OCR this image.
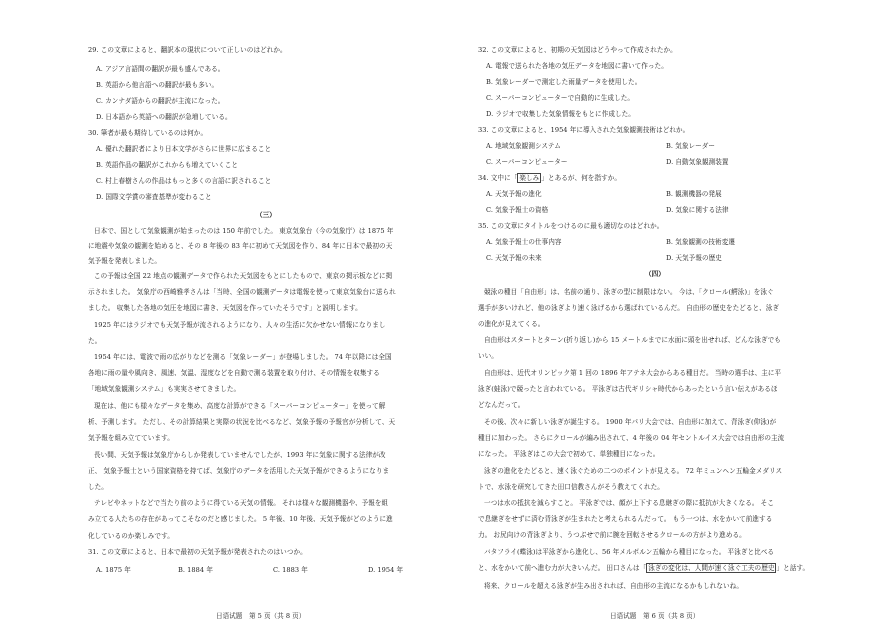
29. この文章によると、翻訳本の現状について正しいのはどれか。
A. アジア言語間の翻訳が最も盛んである。
B. 英語から他言語への翻訳が最も多い。
C. カンナダ語からの翻訳が主流になった。
D. 日本語から英語への翻訳が急増している。
30. 筆者が最も期待しているのは何か。
A. 優れた翻訳者により日本文学がさらに世界に広まること
B. 英語作品の翻訳がこれからも増えていくこと
C. 村上春樹さんの作品はもっと多くの言語に訳されること
D. 国際文学賞の審査基準が変わること
（三）
日本で、国として気象観測が始まったのは 150 年前でした。 東京気象台（今の気象庁）は 1875 年
に地震や気象の観測を始めると、その 8 年後の 83 年に初めて天気図を作り、84 年に日本で最初の天
気予報を発表しました。
この予報は全国 22 地点の観測データで作られた天気図をもとにしたもので、東京の掲示板などに掲
示されました。 気象庁の西崎雅孝さんは「当時、全国の観測データは電報を使って東京気象台に送られ
ました。 収集した各地の気圧を地図に書き、天気図を作っていたそうです」と説明します。
1925 年にはラジオでも天気予報が流されるようになり、人々の生活に欠かせない情報になりまし
た。
1954 年には、電波で雨の広がりなどを測る「気象レーダー」が登場しました。 74 年以降には全国
各地に雨の量や風向き、風速、気温、湿度などを自動で測る装置を取り付け、その情報を収集する
「地域気象観測システム」も実実させてきました。
現在は、他にも様々なデータを集め、高度な計算ができる「スーパーコンピューター」を使って解
析、予測します。 ただし、その計算結果と実際の状況を比べるなど、気象予報の予報官が分析して、天
気予報を組み立てています。
長い間、天気予報は気象庁からしか発表していませんでしたが、1993 年に気象に関する法律が改
正、 気象予報士という国家資格を持てば、気象庁のデータを活用した天気予報ができるようになりま
した。
テレビやネットなどで当たり前のように得ている天気の情報。 それは様々な観測機器や、予報を組
み立てる人たちの存在があってこそなのだと感じました。 5 年後、10 年後、天気予報がどのように進
化しているのか楽しみです。
31. この文章によると、日本で最初の天気予報が発表されたのはいつか。
A. 1875 年	B. 1884 年	C. 1883 年	D. 1954 年
日语试题　第 5 页（共 8 页）
32. この文章によると、初期の天気図はどうやって作成されたか。
A. 電報で送られた各地の気圧データを地図に書いて作った。
B. 気象レーダーで測定した雨量データを使用した。
C. スーパーコンピューターで自動的に生成した。
D. ラジオで収集した気象情報をもとに作成した。
33. この文章によると、1954 年に導入された気象観測技術はどれか。
A. 地域気象観測システム	B. 気象レーダー
C. スーパーコンピューター	D. 自動気象観測装置
34. 文中に「 楽しみ 」とあるが、何を指すか。
A. 天気予報の進化	B. 観測機器の発展
C. 気象予報士の資格	D. 気象に関する法律
35. この文章にタイトルをつけるのに最も適切なのはどれか。
A. 気象予報士の仕事内容	B. 気象観測の技術変遷
C. 天気予報の未来	D. 天気予報の歴史
（四）
競泳の種目「自由形」は、名前の通り、泳ぎの型に制限はない。 今は、「クロール(鰐泳)」を泳ぐ
選手が多いけれど、他の泳ぎより速く泳げるから選ばれているんだ。 自由形の歴史をたどると、泳ぎ
の進化が見えてくる。
自由形はスタートとターン(折り返し)から 15 メートルまでに水面に頭を出せれば、どんな泳ぎでも
いい。
自由形は、近代オリンピック第 1 回の 1896 年アテネ大会からある種目だ。 当時の選手は、主に平
泳ぎ(蛙泳)で競ったと言われている。 平泳ぎは古代ギリシャ時代からあったという言い伝えがあるほ
どなんだって。
その後、次々に新しい泳ぎが誕生する。 1900 年パリ大会では、自由形に加えて、背泳ぎ(仰泳)が
種目に加わった。 さらにクロールが編み出されて、4 年後の 04 年セントルイス大会では自由形の主流
になった。 平泳ぎはこの大会で初めて、単独種目になった。
泳ぎの進化をたどると、速く泳ぐための二つのポイントが見える。 72 年ミュンヘン五輪金メダリス
トで、水泳を研究してきた田口信教さんがそう教えてくれた。
一つは水の抵抗を減らすこと。 平泳ぎでは、顔が上下する息継ぎの際に抵抗が大きくなる。 そこ
で息継ぎをせずに済む背泳ぎが生まれたと考えられるんだって。 もう一つは、水をかいて前進する
力。 お尻向けの背泳ぎより、うつぶせで前に腕を回転させるクロールの方がより進める。
バタフライ(蝶泳)は平泳ぎから進化し、56 年メルボルン五輪から種目になった。 平泳ぎと比べる
と、水をかいて前へ進む力が大きいんだ。 田口さんは「 泳ぎの変化は、人間が速く泳ぐ工夫の歴史 」と話す。
将来、クロールを超える泳ぎが生み出されれば、自由形の主流になるかもしれないね。
日语试题　第 6 页（共 8 页）
